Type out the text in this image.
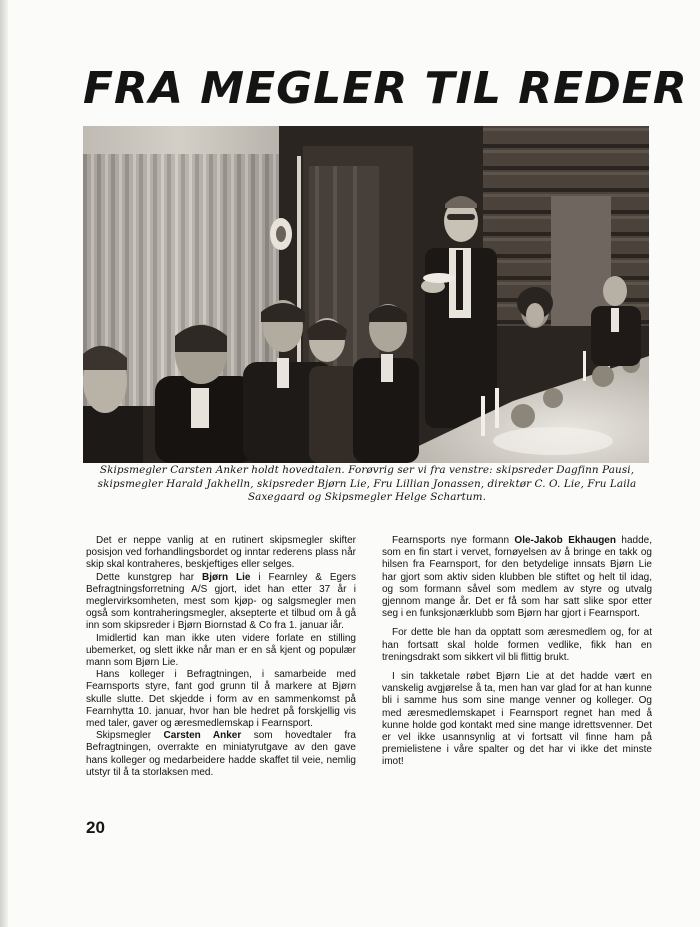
FRA MEGLER TIL REDER

Skipsmegler Carsten Anker holdt hovedtalen. Forøvrig ser vi fra venstre: skipsreder Dagfinn Pausi, skipsmegler Harald Jakhelln, skipsreder Bjørn Lie, Fru Lillian Jonassen, direktør C. O. Lie, Fru Laila Saxegaard og Skipsmegler Helge Schartum.

Det er neppe vanlig at en rutinert skipsmegler skifter posisjon ved forhandlingsbordet og inntar rederens plass når skip skal kontraheres, beskjeftiges eller selges.

Dette kunstgrep har Bjørn Lie i Fearnley & Egers Befragtningsforretning A/S gjort, idet han etter 37 år i meglervirksomheten, mest som kjøp- og salgsmegler men også som kontraheringsmegler, aksepterte et tilbud om å gå inn som skipsreder i Bjørn Biornstad & Co fra 1. januar iår.

Imidlertid kan man ikke uten videre forlate en stilling ubemerket, og slett ikke når man er en så kjent og populær mann som Bjørn Lie.

Hans kolleger i Befragtningen, i samarbeide med Fearnsports styre, fant god grunn til å markere at Bjørn skulle slutte. Det skjedde i form av en sammenkomst på Fearnhytta 10. januar, hvor han ble hedret på forskjellig vis med taler, gaver og æresmedlemskap i Fearnsport.

Skipsmegler Carsten Anker som hovedtaler fra Befragtningen, overrakte en miniatyrutgave av den gave hans kolleger og medarbeidere hadde skaffet til veie, nemlig utstyr til å ta storlaksen med.

Fearnsports nye formann Ole-Jakob Ekhaugen hadde, som en fin start i vervet, fornøyelsen av å bringe en takk og hilsen fra Fearnsport, for den betydelige innsats Bjørn Lie har gjort som aktiv siden klubben ble stiftet og helt til idag, og som formann såvel som medlem av styre og utvalg gjennom mange år. Det er få som har satt slike spor etter seg i en funksjonærklubb som Bjørn har gjort i Fearnsport.

For dette ble han da opptatt som æresmedlem og, for at han fortsatt skal holde formen vedlike, fikk han en treningsdrakt som sikkert vil bli flittig brukt.

I sin takketale røbet Bjørn Lie at det hadde vært en vanskelig avgjørelse å ta, men han var glad for at han kunne bli i samme hus som sine mange venner og kolleger. Og med æresmedlemskapet i Fearnsport regnet han med å kunne holde god kontakt med sine mange idrettsvenner. Det er vel ikke usannsynlig at vi fortsatt vil finne ham på premielistene i våre spalter og det har vi ikke det minste imot!

20
